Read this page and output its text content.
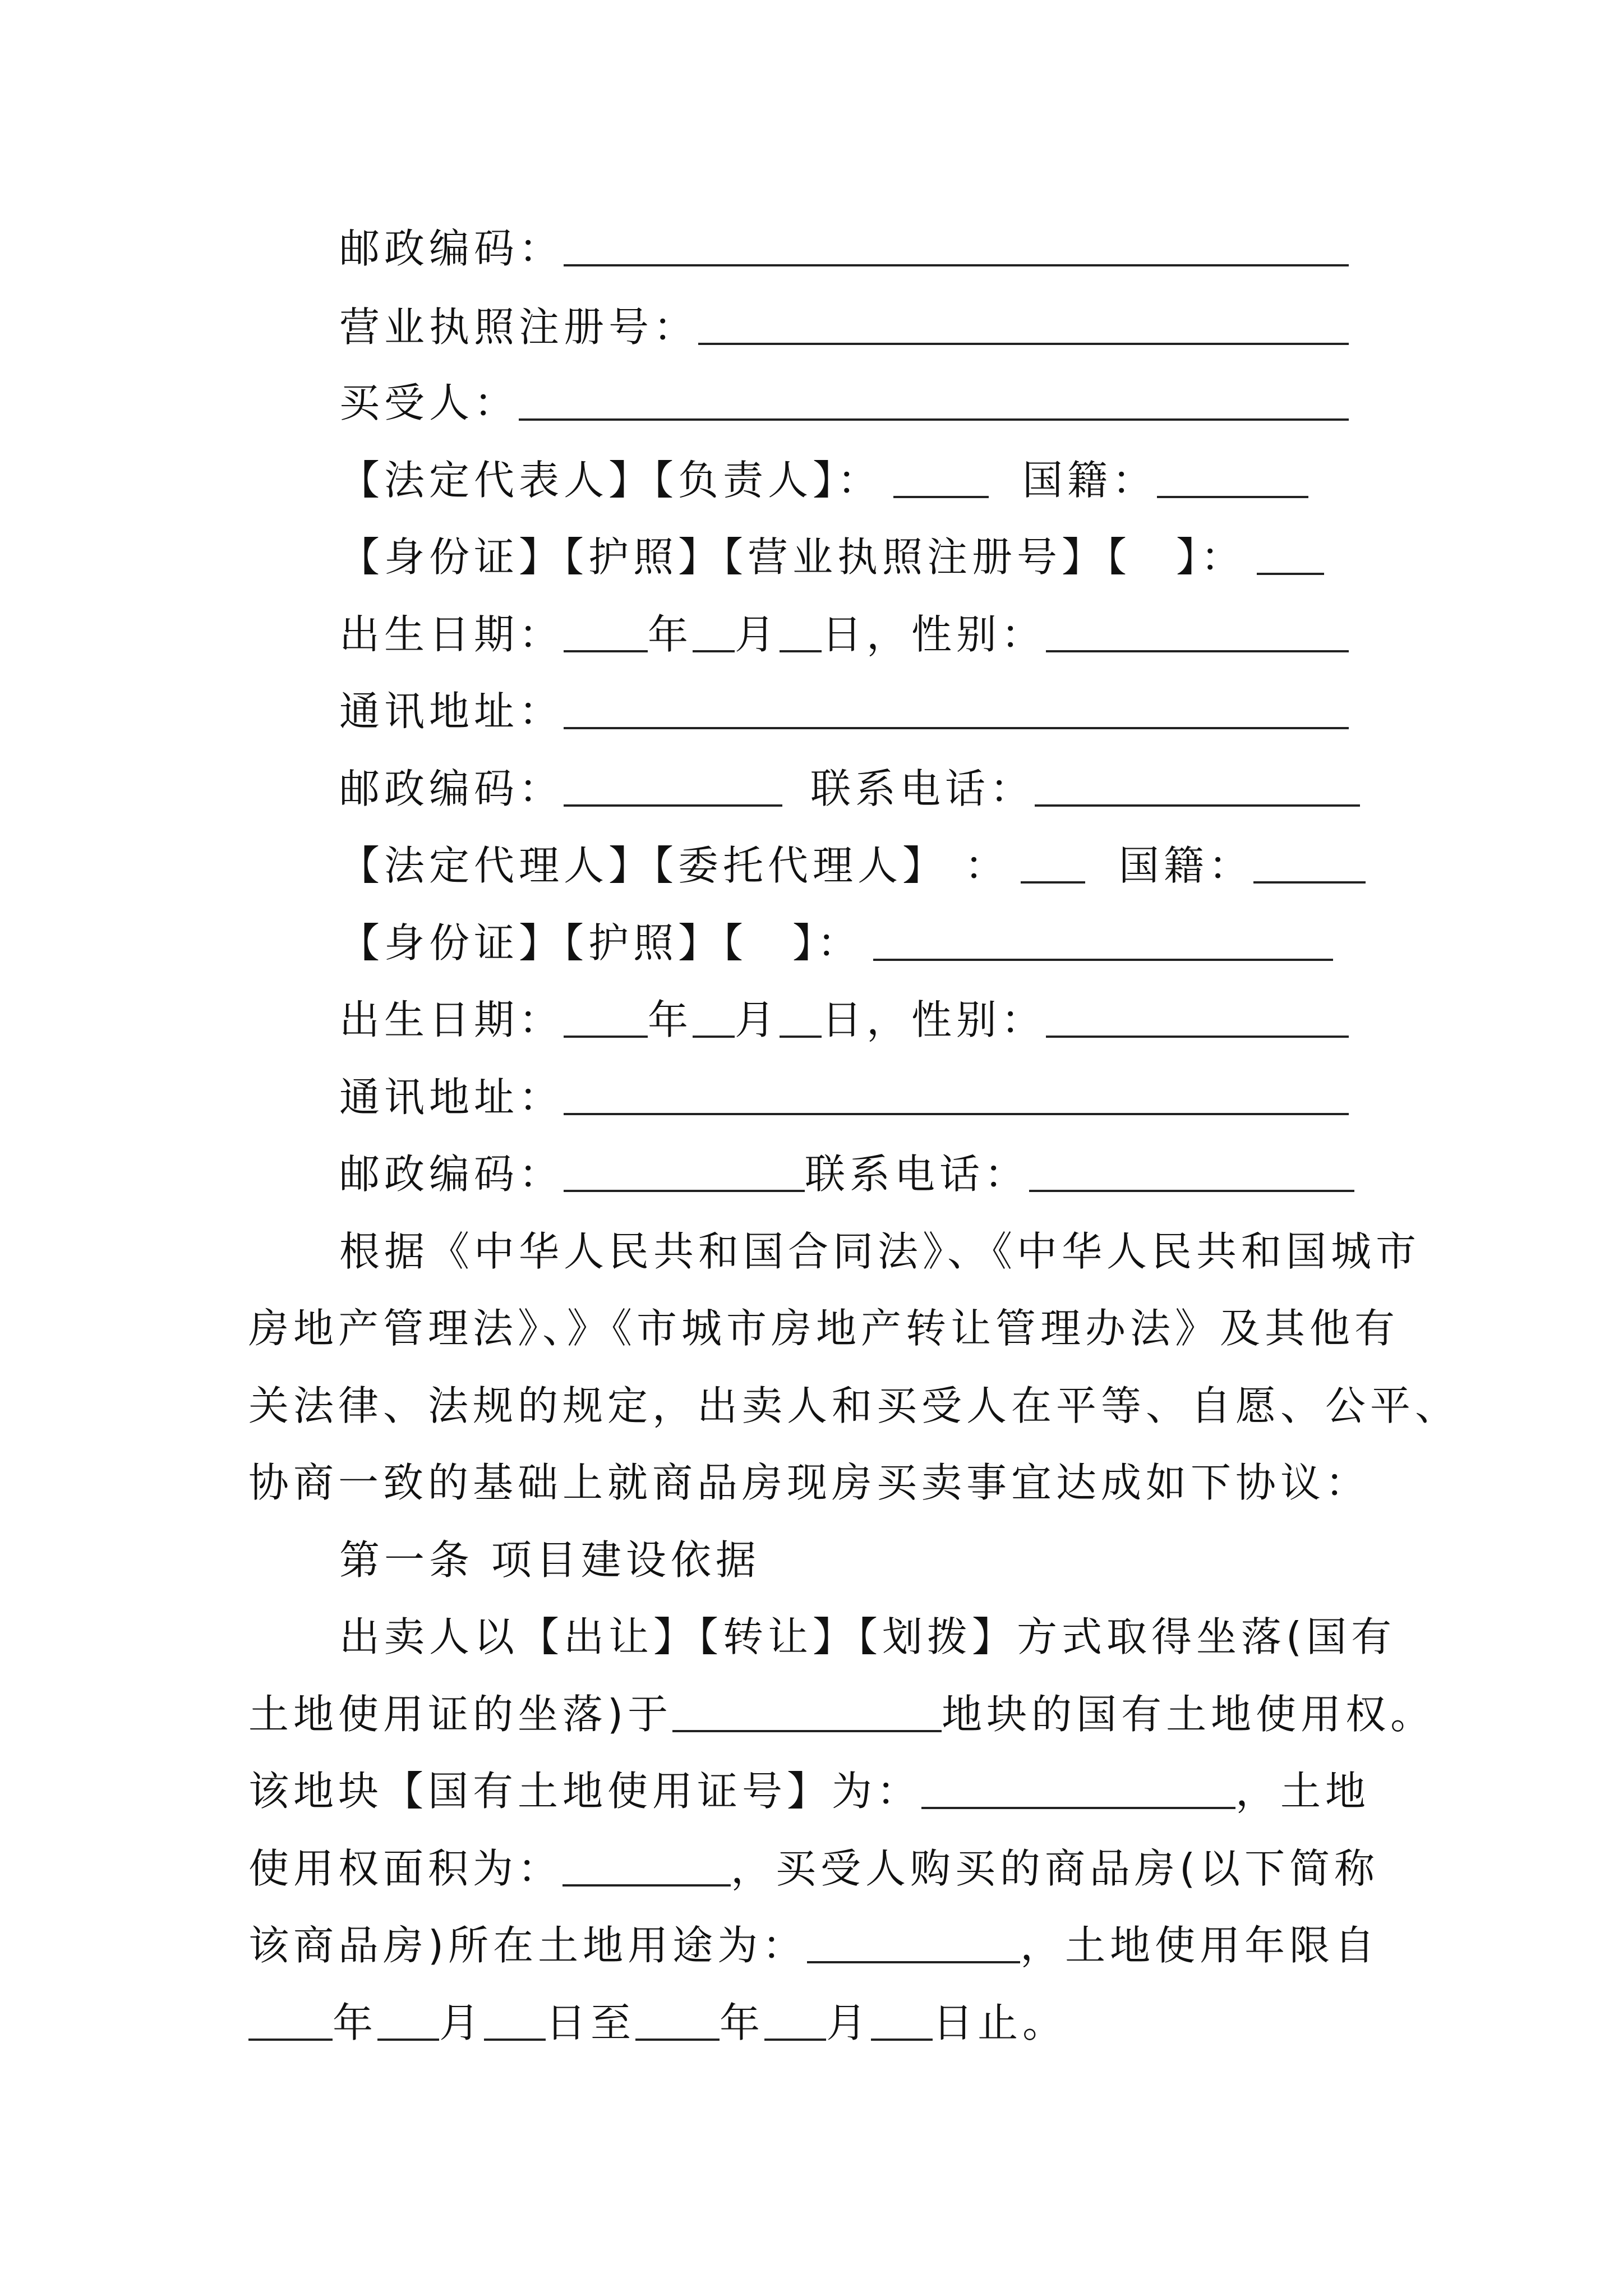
邮政编码：
营业执照注册号：
买受人：
【法定代表人】【负责人】：	国籍：
【身份证】【护照】【营业执照注册号】【　】：
出生日期： 年 月 日，性别：
通讯地址：
邮政编码：	联系电话：
【法定代理人】【委托代理人】 ：	国籍：
【身份证】【护照】【　】：
出生日期： 年 月 日，性别：
通讯地址：
邮政编码：	联系电话：
根据《中华人民共和国合同法》、《中华人民共和国城市
房地产管理法》、》《市城市房地产转让管理办法》及其他有
关法律、法规的规定，出卖人和买受人在平等、自愿、公平、
协商一致的基础上就商品房现房买卖事宜达成如下协议：
第一条 项目建设依据
出卖人以【出让】【转让】【划拨】方式取得坐落(国有
土地使用证的坐落)于	地块的国有土地使用权。
该地块【国有土地使用证号】为：	，土地
使用权面积为：	，买受人购买的商品房(以下简称
该商品房)所在土地用途为：	，土地使用年限自
年 月 日至 年 月 日止。
